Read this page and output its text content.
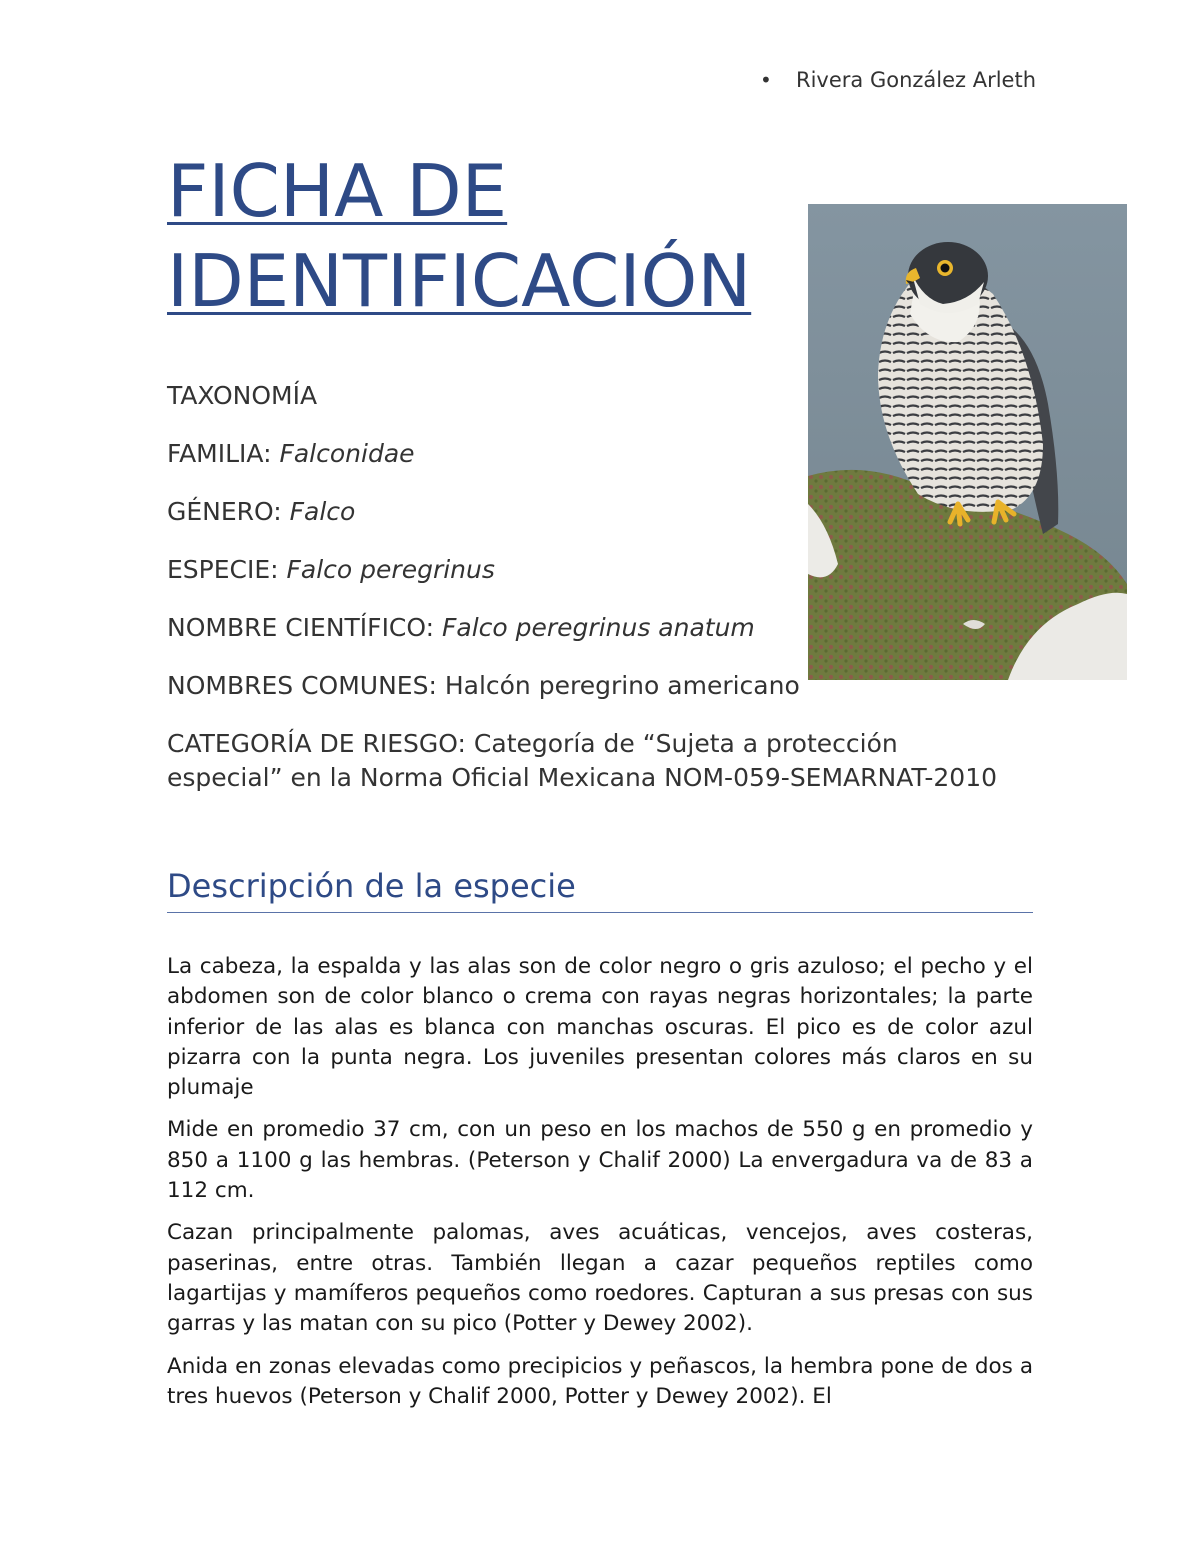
• Rivera González Arleth
FICHA DE
IDENTIFICACIÓN
TAXONOMÍA
FAMILIA: Falconidae
GÉNERO: Falco
ESPECIE: Falco peregrinus
NOMBRE CIENTÍFICO: Falco peregrinus anatum
NOMBRES COMUNES: Halcón peregrino americano
CATEGORÍA DE RIESGO: Categoría de “Sujeta a protección especial” en la Norma Oficial Mexicana NOM-059-SEMARNAT-2010
Descripción de la especie

La cabeza, la espalda y las alas son de color negro o gris azuloso; el pecho y el abdomen son de color blanco o crema con rayas negras horizontales; la parte inferior de las alas es blanca con manchas oscuras. El pico es de color azul pizarra con la punta negra. Los juveniles presentan colores más claros en su plumaje

Mide en promedio 37 cm, con un peso en los machos de 550 g en promedio y 850 a 1100 g las hembras. (Peterson y Chalif 2000) La envergadura va de 83 a 112 cm.

Cazan principalmente palomas, aves acuáticas, vencejos, aves costeras, paserinas, entre otras. También llegan a cazar pequeños reptiles como lagartijas y mamíferos pequeños como roedores. Capturan a sus presas con sus garras y las matan con su pico (Potter y Dewey 2002).

Anida en zonas elevadas como precipicios y peñascos, la hembra pone de dos a tres huevos (Peterson y Chalif 2000, Potter y Dewey 2002). El
